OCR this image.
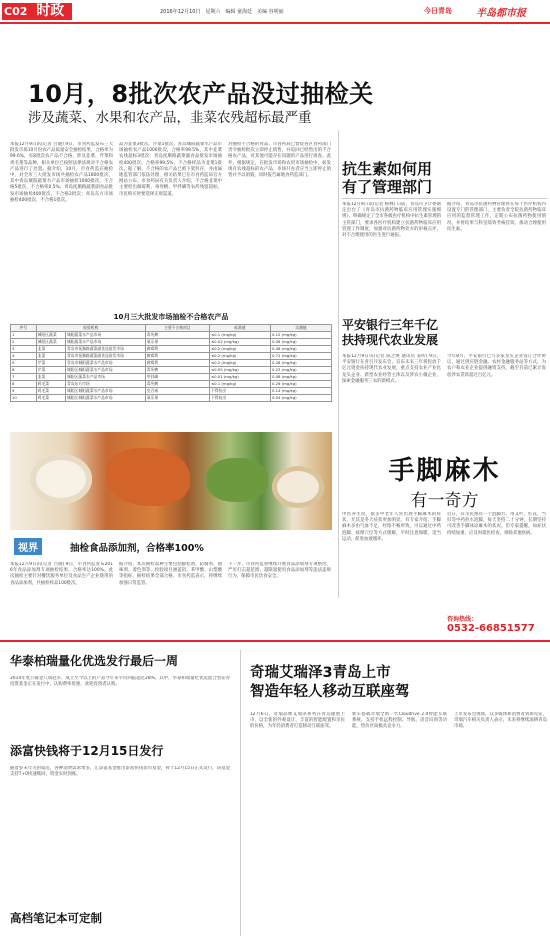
C02 时政	2016年12月10日　星期六　编辑 童海廷　美编 谷明丽	今日青岛 半岛都市报
10月，8批次农产品没过抽检关
涉及蔬菜、水果和农产品，韭菜农残超标最严重
本报12月9日讯(记者 吕晓) 9日，市食药监发布三大批发市场10月份农产品质量安全抽检结果，合格率为99.6%，有8批次农产品不合格，涉及韭菜、芹菜和鸡毛菜等品种，相关单位已按照法律法规对不合格农产品进行了处置。据介绍，10月，市食药监在抽检中，对全市三大批发市场共抽检农产品1800批次，其中青岛城阳蔬菜水产品市场抽检1000批次，不合格5批次，不合格率0.5%；青岛抚顺路蔬菜副食品批发市场抽检400批次，不合格2批次；青岛东方市场抽检400批次，不合格1批次。
品为韭菜3批次、芹菜1批次，青岛城阳蔬菜水产品市场抽检农产品1000批次，合格率99.5%，其中韭菜农残超标3批次；青岛抚顺路蔬菜副食品批发市场抽检400批次，合格率99.5%，不合格样品为韭菜1批次。据了解，不合格的农产品已被下架封存，并由属地监管部门依法处理，相关结果已在市食药监局官方网站公布。市食药局有关负责人介绍，不合格韭菜中主要检出腐霉利、毒死蜱、甲拌磷等农药残留超标，市民购买时要选择正规渠道。
对抽检不合格的食品，市食药局已督促各区食药部门责令抽检批次立即停止销售，并追回已经售出的不合格农产品，对其他可能存在问题的产品进行排查。此外，根据规定，在批发市场和农贸市场抽检中，如发现有农残超标的农产品，市场开办者应当立即停止销售并予以销毁，同时报告属地食药监部门。
10月三大批发市场抽检不合格农产品
序号	检验机构		主要不合格项目	标准值	实测值
1	城阳区蔬菜	城阳蔬菜水产品市场	毒死蜱	≤0.1 (mg/kg)	0.12 (mg/kg)
2	城阳区蔬菜	城阳蔬菜水产品市场	氧乐果	≤0.02 (mg/kg)	0.06 (mg/kg)
3	韭菜	青岛市抚顺路蔬菜副食品批发市场	腐霉利	≤0.2 (mg/kg)	0.48 (mg/kg)
4	韭菜	青岛市抚顺路蔬菜副食品批发市场	腐霉利	≤0.2 (mg/kg)	0.71 (mg/kg)
5	芹菜	青岛市城阳蔬菜水产品市场	腐霉利	≤0.2 (mg/kg)	0.28 (mg/kg)
6	芹菜	城阳区城阳蔬菜水产品市场	毒死蜱	≤0.05 (mg/kg)	0.23 (mg/kg)
7	韭菜	城阳区蔬菜水产品市场	甲拌磷	≤0.01 (mg/kg)	0.08 (mg/kg)
8	鸡毛菜	青岛东方市场	毒死蜱	≤0.1 (mg/kg)	0.26 (mg/kg)
9	鸡毛菜	城阳区城阳蔬菜水产品市场	克百威	不得检出	0.14 (mg/kg)
10	鸡毛菜	城阳区城阳蔬菜水产品市场	氧乐果	不得检出	0.04 (mg/kg)
抗生素如何用
有了管理部门
本报12月9日讯(记者 杨林) 日前，青岛市卫计委制定出台了《青岛市抗菌药物临床应用管理实施细则》，明确规定了全市各级医疗机构中抗生素管理的主管部门，要求各医疗机构建立抗菌药物临床应用管理工作制度，加强对抗菌药物处方的审核点评，对不合理使用的医生进行通报。
据介绍，青岛市抗菌药物管理将在每个医疗机构内设置专门的管理部门，主要负责全院抗菌药物临床应用的监督管理工作，定期公布抗菌药物使用情况，并将结果与科室绩效考核挂钩，推动合理使用抗生素。
平安银行三年千亿
扶持现代农业发展
本报12月9日讯(记者 陈之焕 通讯员 姜昕) 9日，平安银行在青召开发布会，宣布未来三年将投放千亿元资金扶持现代农业发展，重点支持农业产业化龙头企业、新型农业经营主体以及涉农小微企业，探索金融服务三农的新模式。
今年8月，平安银行已与多家龙头企业签订合作协议，通过供应链金融、农村金融服务站等方式，为农户和农业企业提供融资支持，截至目前已累计发放涉农贷款超过百亿元。
视界	抽检食品添加剂，合格率100%
本报12月9日讯(记者 吕晓) 9日，市食药监发布2016年食品添加剂专项抽检结果，合格率达100%。此次抽检主要针对餐饮服务单位及食品生产企业使用的食品添加剂，共抽检样品100批次。
据介绍，本次抽检品种主要包括膨松剂、防腐剂、甜味剂、着色剂等，检验项目涵盖铝、苯甲酸、山梨酸等指标，抽检结果全部合格。市食药监表示，将继续加强日常监管。
下一步，市食药监将继续开展食品添加剂专项整治，严厉打击超范围、超限量使用食品添加剂等违法违规行为，保障市民饮食安全。
手脚麻木
有一奇方
中医养生说，很多中老年人常出现手脚麻木的症状，尤其是冬天症状更加明显。有专家介绍，手脚麻木多由气血不足、经络不畅所致，可以通过中药泡脚、按摩穴位等方式缓解，平时注意保暖，适当运动，促进血液循环。
近日，有市民推荐一个泡脚方，用艾叶、红花、当归等中药煎水泡脚，每天坚持二十分钟，长期坚持可改善手脚冰凉麻木的状况。但专家提醒，如症状持续加重，应及时就医检查，排除其他疾病。
咨询热线：
0532-66851577
华泰柏瑞量化优选发行最后一周
2014年度公募金八项冠军、成立至今以上的产品今年来平均回报超过28%。其中，华泰柏瑞量化优选混合型证券投资基金正在发行中，认购费率优惠，欢迎投资者认购。
添富快钱将于12月15日发行
随着岁末年关的临近，各种消费需求增多，汇添富基金推出添富快钱货币基金，将于12月15日正式发行，该基金支持T+0快速赎回，资金实时到账。
高档笔记本可定制
奇瑞艾瑞泽3青岛上市
智造年轻人移动互联座驾
12月6日，奇瑞品牌艾瑞泽系列在青岛隆重上市，以全新的外观设计、丰富的智能配置和亲民的价格，为年轻消费者打造移动互联座驾。
新车搭载奇瑞全新一代Cloudrive 2.0智能互联系统，支持手机远程控制、导航、语音识别等功能，售价区间极具竞争力。
上市发布会现场，众多媒体和消费者到场见证，奇瑞汽车相关负责人表示，未来将继续深耕青岛市场。
